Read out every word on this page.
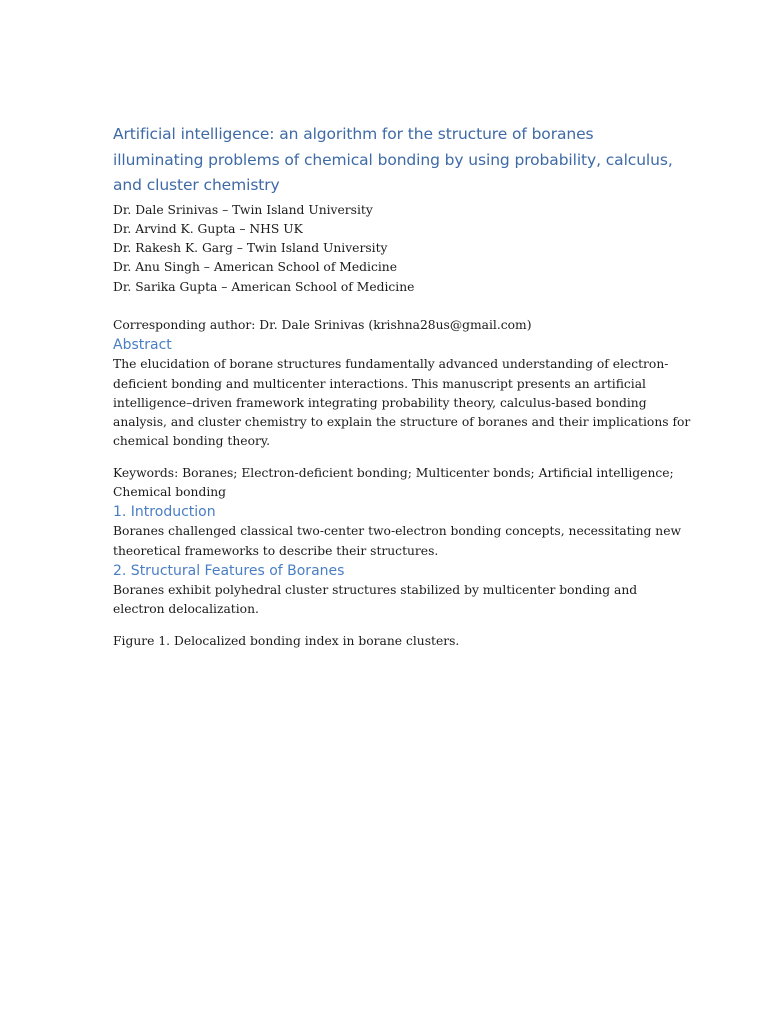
Artificial intelligence: an algorithm for the structure of boranes
illuminating problems of chemical bonding by using probability, calculus,
and cluster chemistry
Dr. Dale Srinivas – Twin Island University
Dr. Arvind K. Gupta – NHS UK
Dr. Rakesh K. Garg – Twin Island University
Dr. Anu Singh – American School of Medicine
Dr. Sarika Gupta – American School of Medicine
Corresponding author: Dr. Dale Srinivas (krishna28us@gmail.com)
Abstract

The elucidation of borane structures fundamentally advanced understanding of electron-
deficient bonding and multicenter interactions. This manuscript presents an artificial
intelligence–driven framework integrating probability theory, calculus-based bonding
analysis, and cluster chemistry to explain the structure of boranes and their implications for
chemical bonding theory.

Keywords: Boranes; Electron-deficient bonding; Multicenter bonds; Artificial intelligence;
Chemical bonding

1. Introduction

Boranes challenged classical two-center two-electron bonding concepts, necessitating new
theoretical frameworks to describe their structures.

2. Structural Features of Boranes

Boranes exhibit polyhedral cluster structures stabilized by multicenter bonding and
electron delocalization.

Figure 1. Delocalized bonding index in borane clusters.
